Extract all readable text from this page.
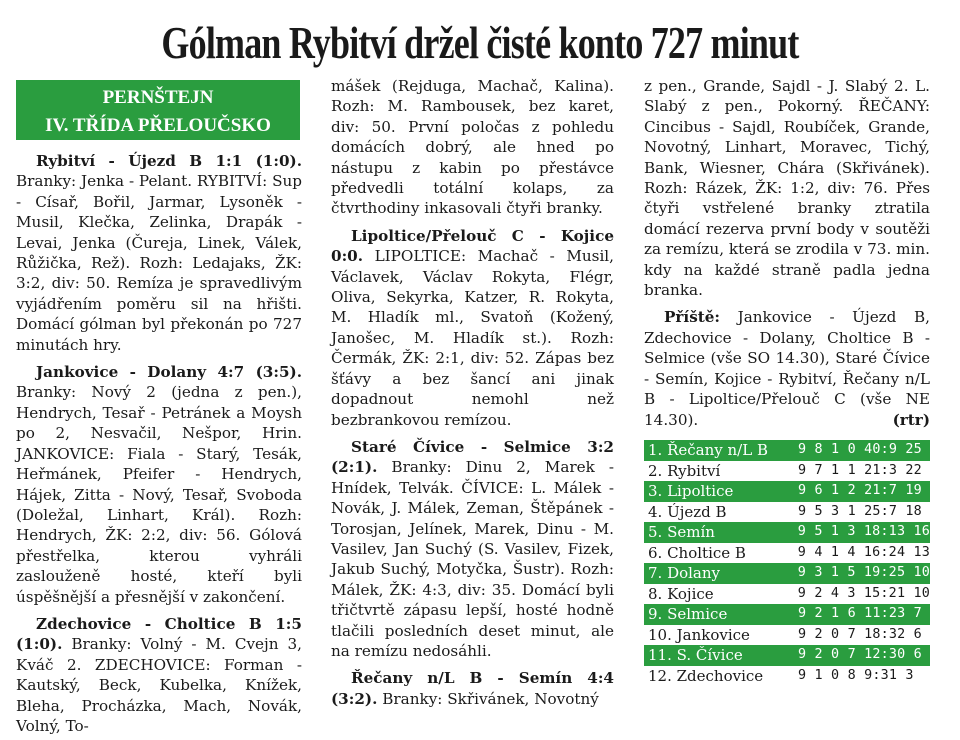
Gólman Rybitví držel čisté konto 727 minut
PERNŠTEJN
IV. TŘÍDA PŘELOUČSKO

Rybitví - Újezd B 1:1 (1:0). Branky: Jenka - Pelant. RYBITVÍ: Sup - Císař, Bořil, Jarmar, Lysoněk - Musil, Klečka, Zelinka, Drapák - Levai, Jenka (Čureja, Linek, Válek, Růžička, Rež). Rozh: Ledajaks, ŽK: 3:2, div: 50. Remíza je spravedlivým vyjádřením poměru sil na hřišti. Domácí gólman byl překonán po 727 minutách hry.

Jankovice - Dolany 4:7 (3:5). Branky: Nový 2 (jedna z pen.), Hendrych, Tesař - Petránek a Moysh po 2, Nesvačil, Nešpor, Hrin. JANKOVICE: Fiala - Starý, Tesák, Heřmánek, Pfeifer - Hendrych, Hájek, Zitta - Nový, Tesař, Svoboda (Doležal, Linhart, Král). Rozh: Hendrych, ŽK: 2:2, div: 56. Gólová přestřelka, kterou vyhráli zaslouženě hosté, kteří byli úspěšnější a přesnější v zakončení.

Zdechovice - Choltice B 1:5 (1:0). Branky: Volný - M. Cvejn 3, Kváč 2. ZDECHOVICE: Forman - Kautský, Beck, Kubelka, Knížek, Bleha, Procházka, Mach, Novák, Volný, To-

mášek (Rejduga, Machač, Kalina). Rozh: M. Rambousek, bez karet, div: 50. První poločas z pohledu domácích dobrý, ale hned po nástupu z kabin po přestávce předvedli totální kolaps, za čtvrthodiny inkasovali čtyři branky.

Lipoltice/Přelouč C - Kojice 0:0. LIPOLTICE: Machač - Musil, Václavek, Václav Rokyta, Flégr, Oliva, Sekyrka, Katzer, R. Rokyta, M. Hladík ml., Svatoň (Kožený, Janošec, M. Hladík st.). Rozh: Čermák, ŽK: 2:1, div: 52. Zápas bez šťávy a bez šancí ani jinak dopadnout nemohl než bezbrankovou remízou.

Staré Čívice - Selmice 3:2 (2:1). Branky: Dinu 2, Marek - Hnídek, Telvák. ČÍVICE: L. Málek - Novák, J. Málek, Zeman, Štěpánek - Torosjan, Jelínek, Marek, Dinu - M. Vasilev, Jan Suchý (S. Vasilev, Fizek, Jakub Suchý, Motyčka, Šustr). Rozh: Málek, ŽK: 4:3, div: 35. Domácí byli třičtvrtě zápasu lepší, hosté hodně tlačili posledních deset minut, ale na remízu nedosáhli.

Řečany n/L B - Semín 4:4 (3:2). Branky: Skřivánek, Novotný

z pen., Grande, Sajdl - J. Slabý 2. L. Slabý z pen., Pokorný. ŘEČANY: Cincibus - Sajdl, Roubíček, Grande, Novotný, Linhart, Moravec, Tichý, Bank, Wiesner, Chára (Skřivánek). Rozh: Rázek, ŽK: 1:2, div: 76. Přes čtyři vstřelené branky ztratila domácí rezerva první body v soutěži za remízu, která se zrodila v 73. min. kdy na každé straně padla jedna branka.

Příště: Jankovice - Újezd B, Zdechovice - Dolany, Choltice B - Selmice (vše SO 14.30), Staré Čívice - Semín, Kojice - Rybitví, Řečany n/L B - Lipoltice/Přelouč C (vše NE 14.30).	(rtr)

1. Řečany n/L B	9 8 1 0 40:9 25
2. Rybitví	9 7 1 1 21:3 22
3. Lipoltice	9 6 1 2 21:7 19
4. Újezd B	9 5 3 1 25:7 18
5. Semín	9 5 1 3 18:13 16
6. Choltice B	9 4 1 4 16:24 13
7. Dolany	9 3 1 5 19:25 10
8. Kojice	9 2 4 3 15:21 10
9. Selmice	9 2 1 6 11:23 7
10. Jankovice	9 2 0 7 18:32 6
11. S. Čívice	9 2 0 7 12:30 6
12. Zdechovice	9 1 0 8 9:31 3
